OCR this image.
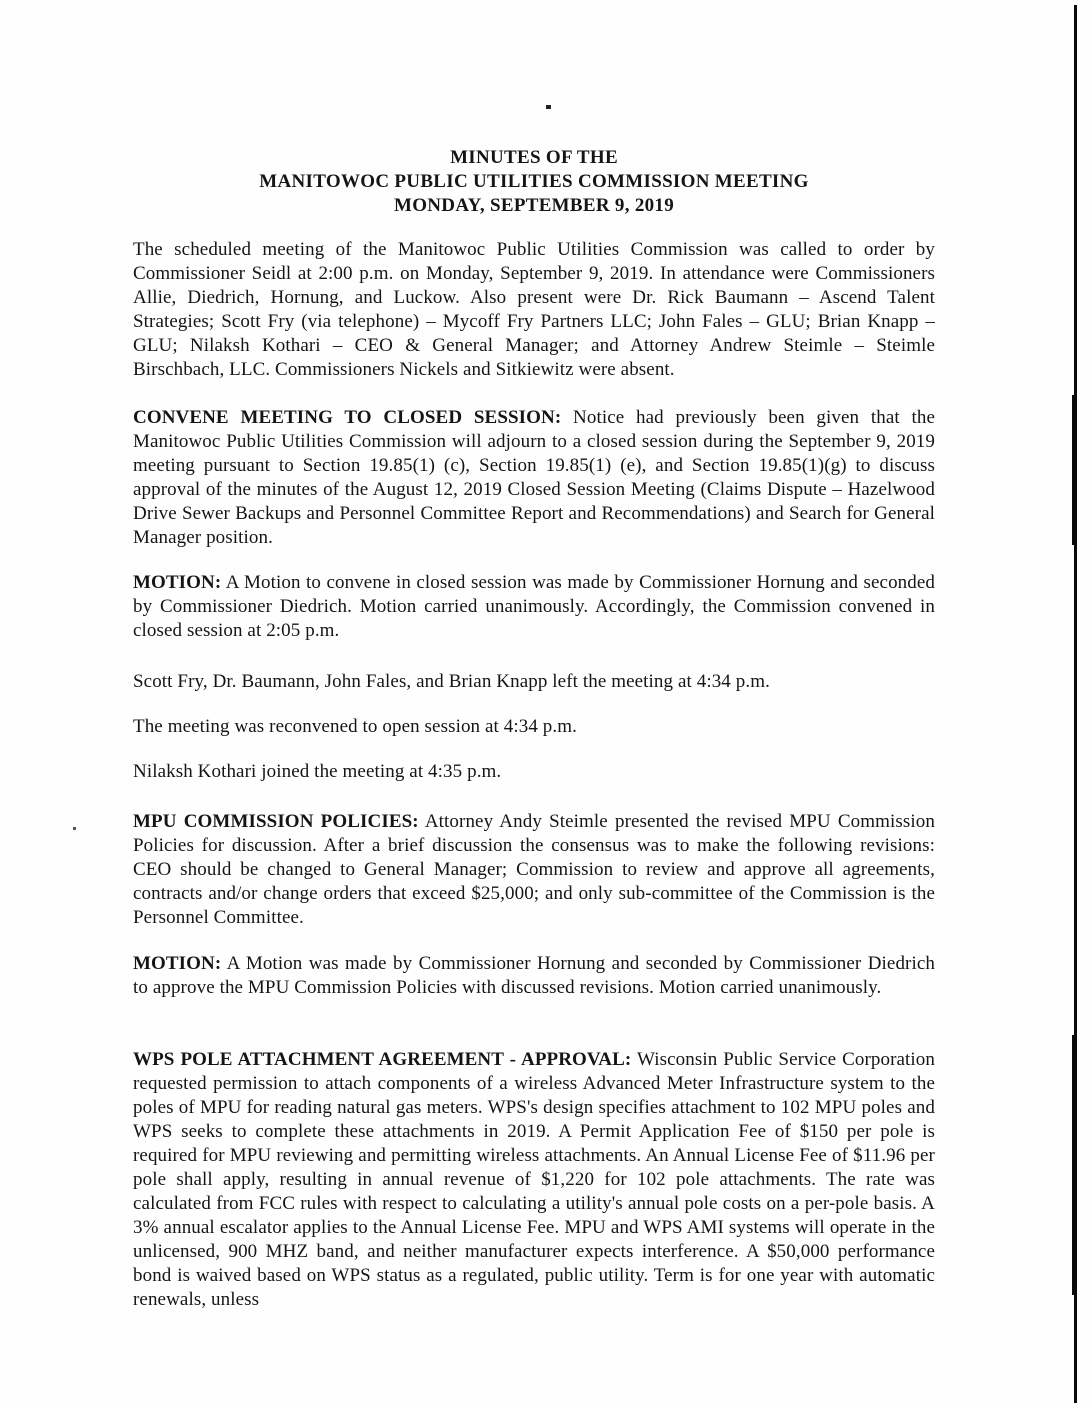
MINUTES OF THE
MANITOWOC PUBLIC UTILITIES COMMISSION MEETING
MONDAY, SEPTEMBER 9, 2019
The scheduled meeting of the Manitowoc Public Utilities Commission was called to order by Commissioner Seidl at 2:00 p.m. on Monday, September 9, 2019. In attendance were Commissioners Allie, Diedrich, Hornung, and Luckow. Also present were Dr. Rick Baumann – Ascend Talent Strategies; Scott Fry (via telephone) – Mycoff Fry Partners LLC; John Fales – GLU; Brian Knapp – GLU; Nilaksh Kothari – CEO & General Manager; and Attorney Andrew Steimle – Steimle Birschbach, LLC. Commissioners Nickels and Sitkiewitz were absent.
CONVENE MEETING TO CLOSED SESSION: Notice had previously been given that the Manitowoc Public Utilities Commission will adjourn to a closed session during the September 9, 2019 meeting pursuant to Section 19.85(1) (c), Section 19.85(1) (e), and Section 19.85(1)(g) to discuss approval of the minutes of the August 12, 2019 Closed Session Meeting (Claims Dispute – Hazelwood Drive Sewer Backups and Personnel Committee Report and Recommendations) and Search for General Manager position.
MOTION: A Motion to convene in closed session was made by Commissioner Hornung and seconded by Commissioner Diedrich. Motion carried unanimously. Accordingly, the Commission convened in closed session at 2:05 p.m.
Scott Fry, Dr. Baumann, John Fales, and Brian Knapp left the meeting at 4:34 p.m.
The meeting was reconvened to open session at 4:34 p.m.
Nilaksh Kothari joined the meeting at 4:35 p.m.
MPU COMMISSION POLICIES: Attorney Andy Steimle presented the revised MPU Commission Policies for discussion. After a brief discussion the consensus was to make the following revisions: CEO should be changed to General Manager; Commission to review and approve all agreements, contracts and/or change orders that exceed $25,000; and only sub-committee of the Commission is the Personnel Committee.
MOTION: A Motion was made by Commissioner Hornung and seconded by Commissioner Diedrich to approve the MPU Commission Policies with discussed revisions. Motion carried unanimously.
WPS POLE ATTACHMENT AGREEMENT - APPROVAL: Wisconsin Public Service Corporation requested permission to attach components of a wireless Advanced Meter Infrastructure system to the poles of MPU for reading natural gas meters. WPS's design specifies attachment to 102 MPU poles and WPS seeks to complete these attachments in 2019. A Permit Application Fee of $150 per pole is required for MPU reviewing and permitting wireless attachments. An Annual License Fee of $11.96 per pole shall apply, resulting in annual revenue of $1,220 for 102 pole attachments. The rate was calculated from FCC rules with respect to calculating a utility's annual pole costs on a per-pole basis. A 3% annual escalator applies to the Annual License Fee. MPU and WPS AMI systems will operate in the unlicensed, 900 MHZ band, and neither manufacturer expects interference. A $50,000 performance bond is waived based on WPS status as a regulated, public utility. Term is for one year with automatic renewals, unless
